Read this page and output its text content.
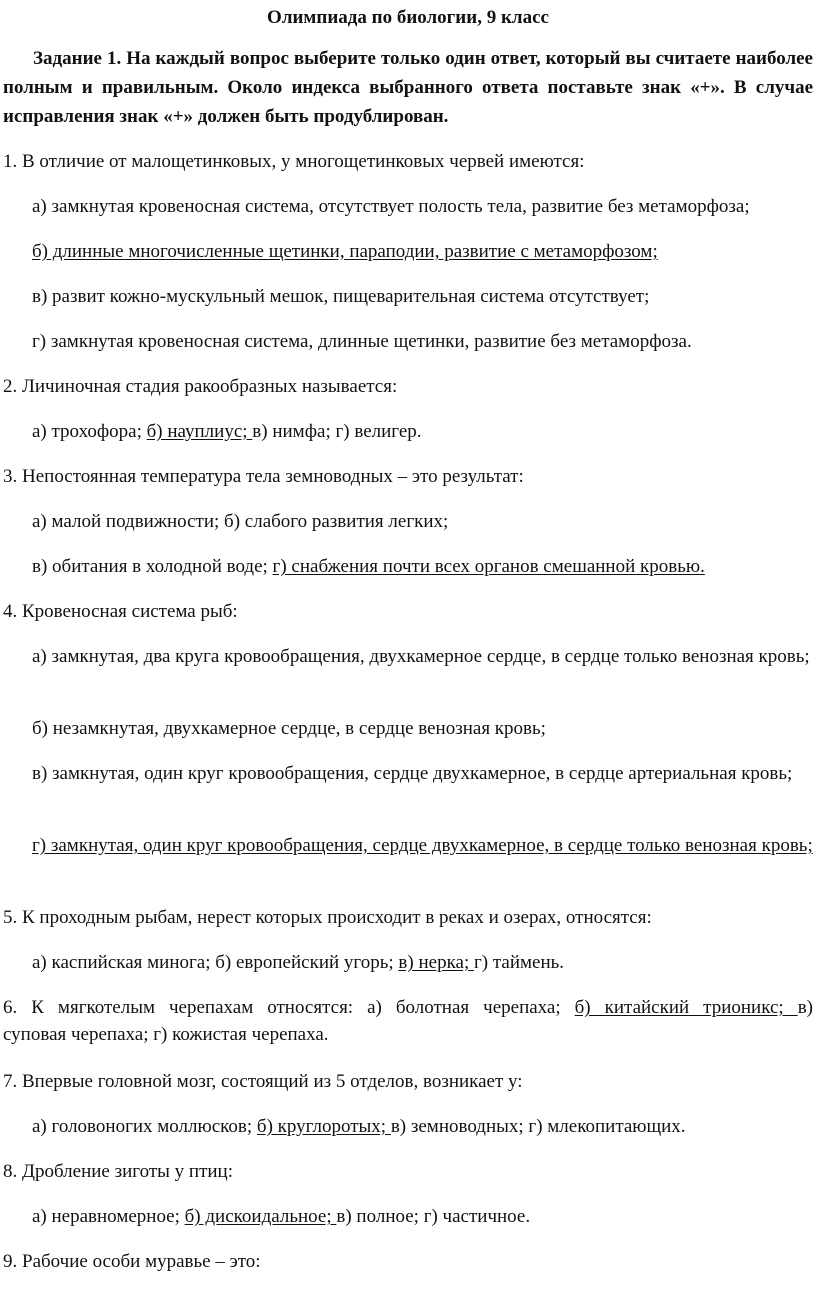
Олимпиада по биологии, 9 класс
Задание 1. На каждый вопрос выберите только один ответ, который вы считаете наиболее полным и правильным. Около индекса выбранного ответа поставьте знак «+». В случае исправления знак «+» должен быть продублирован.
1. В отличие от малощетинковых, у многощетинковых червей имеются:
а) замкнутая кровеносная система, отсутствует полость тела, развитие без метаморфоза;
б) длинные многочисленные щетинки, параподии, развитие с метаморфозом;
в) развит кожно-мускульный мешок, пищеварительная система отсутствует;
г) замкнутая кровеносная система, длинные щетинки, развитие без метаморфоза.
2. Личиночная стадия ракообразных называется:
а) трохофора; б) науплиус; в) нимфа; г) велигер.
3. Непостоянная температура тела земноводных – это результат:
а) малой подвижности; б) слабого развития легких;
в) обитания в холодной воде; г) снабжения почти всех органов смешанной кровью.
4. Кровеносная система рыб:
а) замкнутая, два круга кровообращения, двухкамерное сердце, в сердце только венозная кровь;
б) незамкнутая, двухкамерное сердце, в сердце венозная кровь;
в) замкнутая, один круг кровообращения, сердце двухкамерное, в сердце артериальная кровь;
г) замкнутая, один круг кровообращения, сердце двухкамерное, в сердце только венозная кровь;
5. К проходным рыбам, нерест которых происходит в реках и озерах, относятся:
а) каспийская минога; б) европейский угорь; в) нерка; г) таймень.
6. К мягкотелым черепахам относятся: а) болотная черепаха; б) китайский трионикс; в)
суповая черепаха; г) кожистая черепаха.
7. Впервые головной мозг, состоящий из 5 отделов, возникает у:
а) головоногих моллюсков; б) круглоротых; в) земноводных; г) млекопитающих.
8. Дробление зиготы у птиц:
а) неравномерное; б) дискоидальное; в) полное; г) частичное.
9. Рабочие особи муравье – это:
